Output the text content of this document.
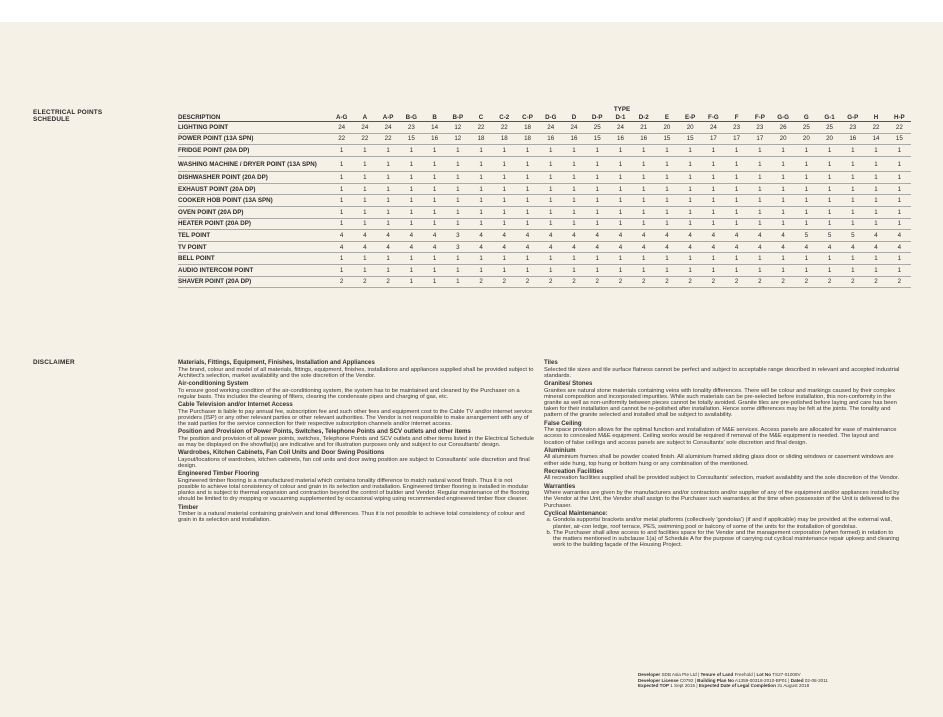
ELECTRICAL POINTS SCHEDULE
TYPE
DESCRIPTION	A-G	A	A-P	B-G	B	B-P	C	C-2	C-P	D-G	D	D-P	D-1	D-2	E	E-P	F-G	F	F-P	G-G	G	G-1	G-P	H	H-P
LIGHTING POINT	24	24	24	23	14	12	22	22	18	24	24	25	24	21	20	20	24	23	23	26	25	25	23	22	22
POWER POINT (13A SPN)	22	22	22	15	16	12	18	18	18	16	16	15	16	16	15	15	17	17	17	20	20	20	16	14	15
FRIDGE POINT (20A DP)	1	1	1	1	1	1	1	1	1	1	1	1	1	1	1	1	1	1	1	1	1	1	1	1	1
WASHING MACHINE / DRYER POINT (13A SPN)	1	1	1	1	1	1	1	1	1	1	1	1	1	1	1	1	1	1	1	1	1	1	1	1	1
DISHWASHER POINT (20A DP)	1	1	1	1	1	1	1	1	1	1	1	1	1	1	1	1	1	1	1	1	1	1	1	1	1
EXHAUST POINT (20A DP)	1	1	1	1	1	1	1	1	1	1	1	1	1	1	1	1	1	1	1	1	1	1	1	1	1
COOKER HOB POINT (13A SPN)	1	1	1	1	1	1	1	1	1	1	1	1	1	1	1	1	1	1	1	1	1	1	1	1	1
OVEN POINT (20A DP)	1	1	1	1	1	1	1	1	1	1	1	1	1	1	1	1	1	1	1	1	1	1	1	1	1
HEATER POINT (20A DP)	1	1	1	1	1	1	1	1	1	1	1	1	1	1	1	1	1	1	1	1	1	1	1	1	1
TEL POINT	4	4	4	4	4	3	4	4	4	4	4	4	4	4	4	4	4	4	4	4	5	5	5	4	4
TV POINT	4	4	4	4	4	3	4	4	4	4	4	4	4	4	4	4	4	4	4	4	4	4	4	4	4
BELL POINT	1	1	1	1	1	1	1	1	1	1	1	1	1	1	1	1	1	1	1	1	1	1	1	1	1
AUDIO INTERCOM POINT	1	1	1	1	1	1	1	1	1	1	1	1	1	1	1	1	1	1	1	1	1	1	1	1	1
SHAVER POINT (20A DP)	2	2	2	1	1	1	2	2	2	2	2	2	2	2	2	2	2	2	2	2	2	2	2	2	2
DISCLAIMER	Materials, Fittings, Equipment, Finishes, Installation and Appliances

The brand, colour and model of all materials, fittings, equipment, finishes, installations and appliances supplied shall be provided subject to Architect's selection, market availability and the sole discretion of the Vendor.

Air-conditioning System

To ensure good working condition of the air-conditioning system, the system has to be maintained and cleaned by the Purchaser on a regular basis. This includes the cleaning of filters, clearing the condensate pipes and charging of gas, etc.

Cable Television and/or Internet Access

The Purchaser is liable to pay annual fee, subscription fee and such other fees and equipment cost to the Cable TV and/or internet service providers (ISP) or any other relevant parties or other relevant authorities. The Vendor is not responsible to make arrangement with any of the said parties for the service connection for their respective subscription channels and/or internet access.

Position and Provision of Power Points, Switches, Telephone Points and SCV outlets and other items

The position and provision of all power points, switches, Telephone Points and SCV outlets and other items listed in the Electrical Schedule as may be displayed on the showflat(s) are indicative and for illustration purposes only and subject to our Consultants' design.

Wardrobes, Kitchen Cabinets, Fan Coil Units and Door Swing Positions

Layout/locations of wardrobes, kitchen cabinets, fan coil units and door swing position are subject to Consultants' sole discretion and final design.

Engineered Timber Flooring

Engineered timber flooring is a manufactured material which contains tonality difference to match natural wood finish. Thus it is not possible to achieve total consistency of colour and grain in its selection and installation. Engineered timber flooring is installed in modular planks and is subject to thermal expansion and contraction beyond the control of builder and Vendor. Regular maintenance of the flooring should be limited to dry mopping or vacuuming supplemented by occasional wiping using recommended engineered timber floor cleaner.

Timber

Timber is a natural material containing grain/vein and tonal differences. Thus it is not possible to achieve total consistency of colour and grain in its selection and installation.

Tiles

Selected tile sizes and tile surface flatness cannot be perfect and subject to acceptable range described in relevant and accepted industrial standards.

Granites/ Stones

Granites are natural stone materials containing veins with tonality differences. There will be colour and markings caused by their complex mineral composition and incorporated impurities. While such materials can be pre-selected before installation, this non-conformity in the granite as well as non-uniformity between pieces cannot be totally avoided. Granite tiles are pre-polished before laying and care has been taken for their installation and cannot be re-polished after installation. Hence some differences may be felt at the joints. The tonality and pattern of the granite selected and installed shall be subject to availability.

False Ceiling

The space provision allows for the optimal function and installation of M&E services. Access panels are allocated for ease of maintenance access to concealed M&E equipment. Ceiling works would be required if removal of the M&E equipment is needed. The layout and location of false ceilings and access panels are subject to Consultants' sole discretion and final design.

Aluminium

All aluminium frames shall be powder coated finish. All aluminium framed sliding glass door or sliding windows or casement windows are either side hung, top hung or bottom hung or any combination of the mentioned.

Recreation Facilities

All recreation facilities supplied shall be provided subject to Consultants' selection, market availability and the sole discretion of the Vendor.

Warranties

Where warranties are given by the manufacturers and/or contractors and/or supplier of any of the equipment and/or appliances installed by the Vendor at the Unit, the Vendor shall assign to the Purchaser such warranties at the time when possession of the Unit is delivered to the Purchaser.

Cyclical Maintenance:
a. Gondola supports/ brackets and/or metal platforms (collectively 'gondolas') (if and if applicable) may be provided at the external wall, planter, air-con ledge, roof terrace, PES, swimming pool or balcony of some of the units for the installation of gondolas.
b. The Purchaser shall allow access to and facilities space for the Vendor and the management corporation (when formed) in relation to the matters mentioned in subclause 1(a) of Schedule A for the purpose of carrying out cyclical maintenance repair upkeep and cleaning work to the building façade of the Housing Project.
Developer SDB Asia Pte Ltd | Tenure of Land Freehold | Lot No TS27-01008V
Developer License C0792 | Building Plan No A1359-00318-2010-BP01 | Dated 02-08-2011
Expected TOP 1 Sept 2015 | Expected Date of Legal Completion 31 August 2018
